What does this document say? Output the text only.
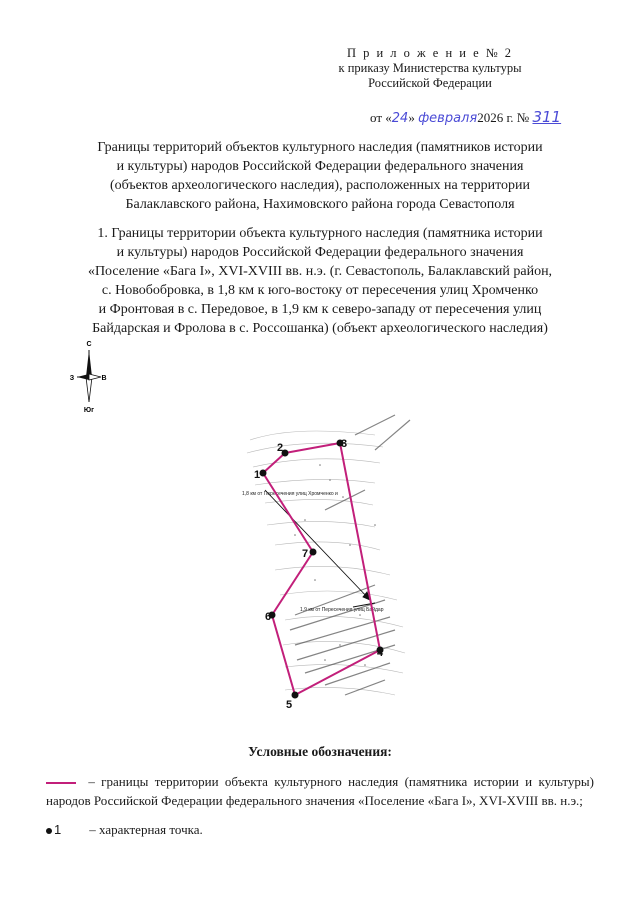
П р и л о ж е н и е № 2
к приказу Министерства культуры
Российской Федерации
от «24» февраля2026 г. № 311
Границы территорий объектов культурного наследия (памятников истории
и культуры) народов Российской Федерации федерального значения
(объектов археологического наследия), расположенных на территории
Балаклавского района, Нахимовского района города Севастополя
1. Границы территории объекта культурного наследия (памятника истории
и культуры) народов Российской Федерации федерального значения
«Поселение «Бага I», XVI-XVIII вв. н.э. (г. Севастополь, Балаклавский район,
с. Новобобровка, в 1,8 км к юго-востоку от пересечения улиц Хромченко
и Фронтовая в с. Передовое, в 1,9 км к северо-западу от пересечения улиц
Байдарская и Фролова в с. Россошанка) (объект археологического наследия)
С
З	В
Юг
1,8 км от Пересечения улиц Хромченко и
1,9 км от Пересечения улиц Байдар
1
2	3
4
5
6
7
Условные обозначения:
– границы территории объекта культурного наследия (памятника истории и культуры) народов Российской Федерации федерального значения «Поселение «Бага I», XVI-XVIII вв. н.э.;
1 – характерная точка.
